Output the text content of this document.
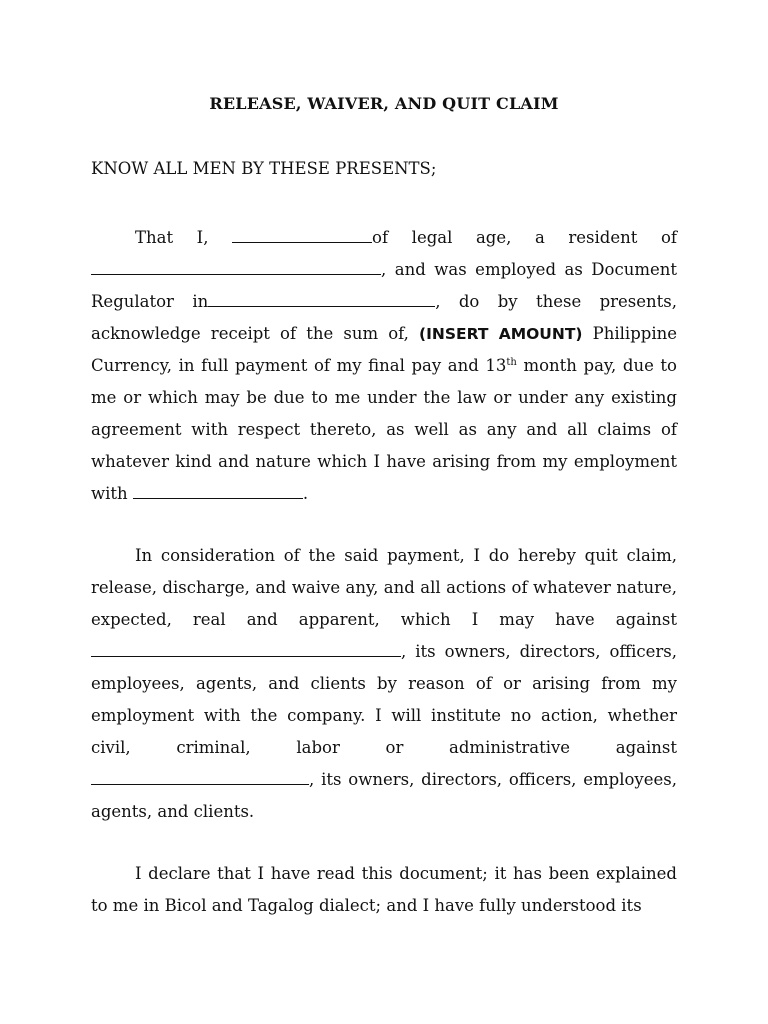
RELEASE, WAIVER, AND QUIT CLAIM
KNOW ALL MEN BY THESE PRESENTS;
That I,	of legal age, a resident of, and was employed as Document Regulator in	, do by these presents, acknowledge receipt of the sum of, (INSERT AMOUNT) Philippine Currency, in full payment of my final pay and 13th month pay, due to me or which may be due to me under the law or under any existing agreement with respect thereto, as well as any and all claims of whatever kind and nature which I have arising from my employment with	.
In consideration of the said payment, I do hereby quit claim, release, discharge, and waive any, and all actions of whatever nature, expected, real and apparent, which I may have against, its owners, directors, officers, employees, agents, and clients by reason of or arising from my employment with the company. I will institute no action, whether civil, criminal, labor or administrative against , its owners, directors, officers, employees, agents, and clients.
I declare that I have read this document; it has been explained to me in Bicol and Tagalog dialect; and I have fully understood its
